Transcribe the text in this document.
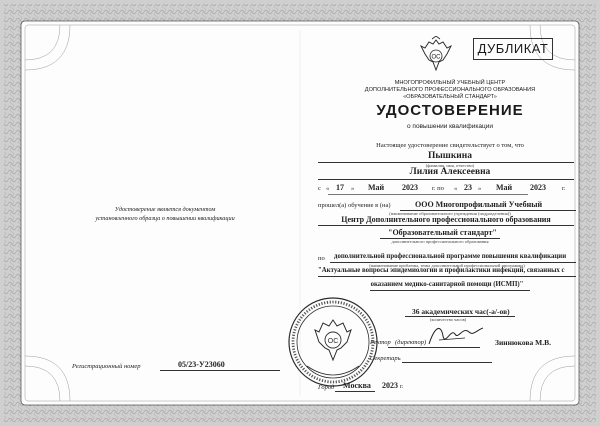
ОС
ДУБЛИКАТ
МНОГОПРОФИЛЬНЫЙ УЧЕБНЫЙ ЦЕНТР
ДОПОЛНИТЕЛЬНОГО ПРОФЕССИОНАЛЬНОГО ОБРАЗОВАНИЯ
«ОБРАЗОВАТЕЛЬНЫЙ СТАНДАРТ»
УДОСТОВЕРЕНИЕ
о повышении квалификации
Настоящее удостоверение свидетельствует о том, что
Пышкина
(фамилия, имя, отчество)
Лилия Алексеевна
с « 17 » Май 2023 г. по « 23 » Май 2023 г.
прошел(а) обучение в (на)	ООО Многопрофильный Учебный
(наименование образовательного учреждения (подразделения))
Центр Дополнительного профессионального образования
"Образовательный стандарт"
дополнительного профессионального образования
по дополнительной профессиональной программе повышения квалификации
(наименование проблемы, темы дополнительной профессиональной программы)
"Актуальные вопросы эпидемиологии и профилактики инфекций, связанных с
оказанием медико-санитарной помощи (ИСМП)"
36 академических час(-а/-ов)
(количество часов)
Ректор (директор)	Зиннюкова М.В.
Секретарь
ОС
Город Москва 2023 г.
Удостоверение является документом
установленного образца о повышении квалификации
Регистрационный номер	05/23-У23060
